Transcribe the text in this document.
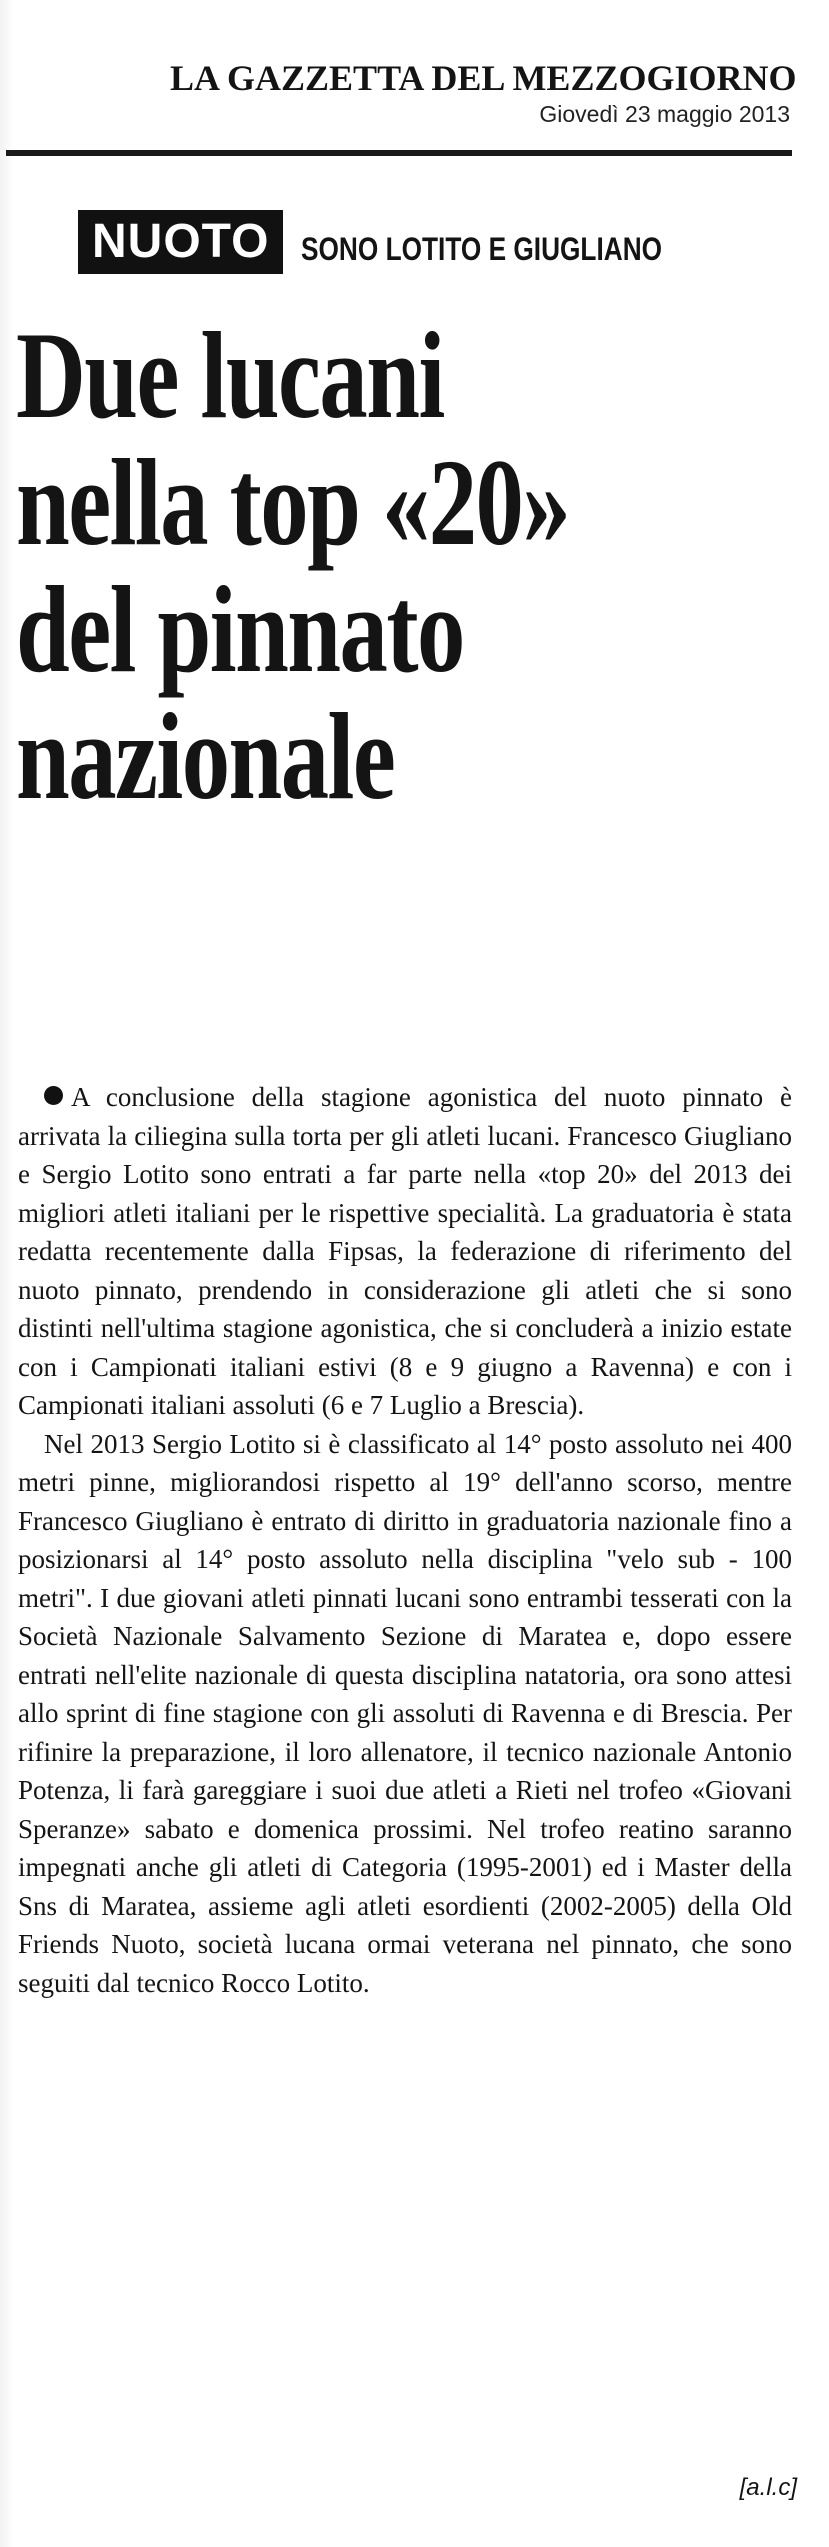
LA GAZZETTA DEL MEZZOGIORNO
Giovedì 23 maggio 2013
NUOTO	SONO LOTITO E GIUGLIANO
Due lucani
nella top «20»
del pinnato
nazionale

A conclusione della stagione agonistica del nuoto pinnato è arrivata la ciliegina sulla torta per gli atleti lucani. Francesco Giugliano e Sergio Lotito sono entrati a far parte nella «top 20» del 2013 dei migliori atleti italiani per le rispettive specialità. La graduatoria è stata redatta recentemente dalla Fipsas, la federazione di riferimento del nuoto pinnato, prendendo in considerazione gli atleti che si sono distinti nell'ultima stagione agonistica, che si concluderà a inizio estate con i Campionati italiani estivi (8 e 9 giugno a Ravenna) e con i Campionati italiani assoluti (6 e 7 Luglio a Brescia).

Nel 2013 Sergio Lotito si è classificato al 14° posto assoluto nei 400 metri pinne, migliorandosi rispetto al 19° dell'anno scorso, mentre Francesco Giugliano è entrato di diritto in graduatoria nazionale fino a posizionarsi al 14° posto assoluto nella disciplina "velo sub - 100 metri". I due giovani atleti pinnati lucani sono entrambi tesserati con la Società Nazionale Salvamento Sezione di Maratea e, dopo essere entrati nell'elite nazionale di questa disciplina natatoria, ora sono attesi allo sprint di fine stagione con gli assoluti di Ravenna e di Brescia. Per rifinire la preparazione, il loro allenatore, il tecnico nazionale Antonio Potenza, li farà gareggiare i suoi due atleti a Rieti nel trofeo «Giovani Speranze» sabato e domenica prossimi. Nel trofeo reatino saranno impegnati anche gli atleti di Categoria (1995-2001) ed i Master della Sns di Maratea, assieme agli atleti esordienti (2002-2005) della Old Friends Nuoto, società lucana ormai veterana nel pinnato, che sono seguiti dal tecnico Rocco Lotito.

[a.l.c]
